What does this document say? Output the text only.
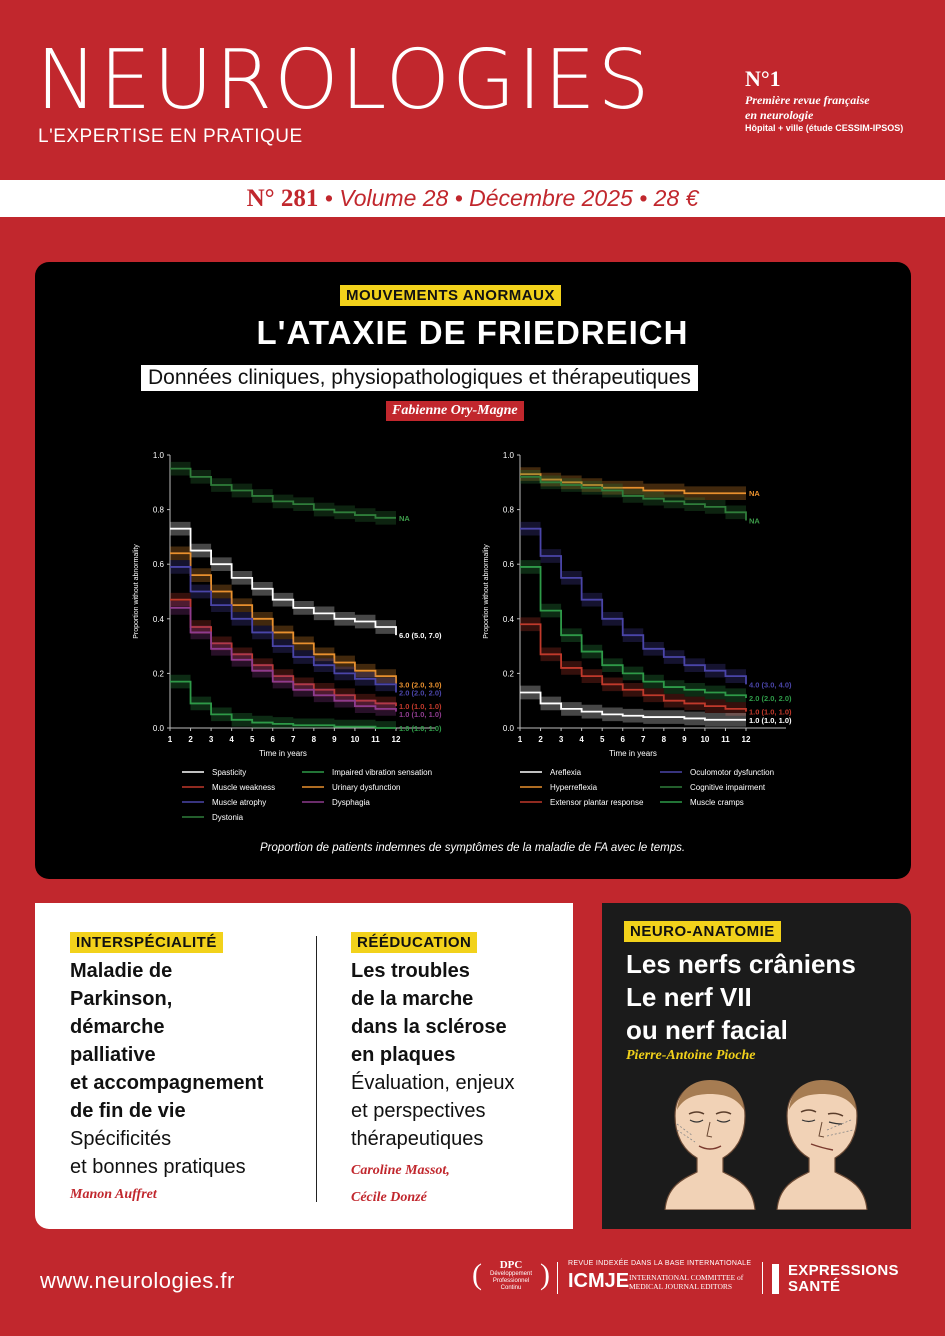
NEUROLOGIES
L'EXPERTISE EN PRATIQUE
N°1
Première revue française
en neurologie
Hôpital + ville (étude CESSIM-IPSOS)
N° 281 • Volume 28 • Décembre 2025 • 28 €
MOUVEMENTS ANORMAUX
L'ATAXIE DE FRIEDREICH
Données cliniques, physiopathologiques et thérapeutiques
Fabienne Ory-Magne
0.0
0.2
0.4
0.6
0.8
1.0
1 2 3 4 5 6 7 8 9 10 11 12
Time in years
Proportion without abnormality
NA
6.0 (5.0, 7.0)
3.0 (2.0, 3.0)
2.0 (2.0, 2.0)
1.0 (1.0, 1.0)
1.0 (1.0, 1.0)
1.0 (1.0, 1.0)
Spasticity	Impaired vibration sensation
Muscle weakness	Urinary dysfunction
Muscle atrophy	Dysphagia
Dystonia
0.0
0.2
0.4
0.6
0.8
1.0
1 2 3 4 5 6 7 8 9 10 11 12
Time in years
Proportion without abnormality
NA
NA
4.0 (3.0, 4.0)
2.0 (2.0, 2.0)
1.0 (1.0, 1.0)
1.0 (1.0, 1.0)
Areflexia	Oculomotor dysfunction
Hyperreflexia	Cognitive impairment
Extensor plantar response	Muscle cramps
Proportion de patients indemnes de symptômes de la maladie de FA avec le temps.
INTERSPÉCIALITÉ
Maladie de
Parkinson,
démarche
palliative
et accompagnement
de fin de vie
Spécificités
et bonnes pratiques
Manon Auffret
RÉÉDUCATION
Les troubles
de la marche
dans la sclérose
en plaques
Évaluation, enjeux
et perspectives
thérapeutiques
Caroline Massot,
Cécile Donzé
NEURO-ANATOMIE
Les nerfs crâniens
Le nerf VII
ou nerf facial
Pierre-Antoine Pioche
www.neurologies.fr	( )
DPC
Développement
Professionnel
Continu
REVUE INDEXÉE DANS LA BASE INTERNATIONALE
ICMJE INTERNATIONAL COMMITTEE of
MEDICAL JOURNAL EDITORS
EXPRESSIONS
SANTÉ
